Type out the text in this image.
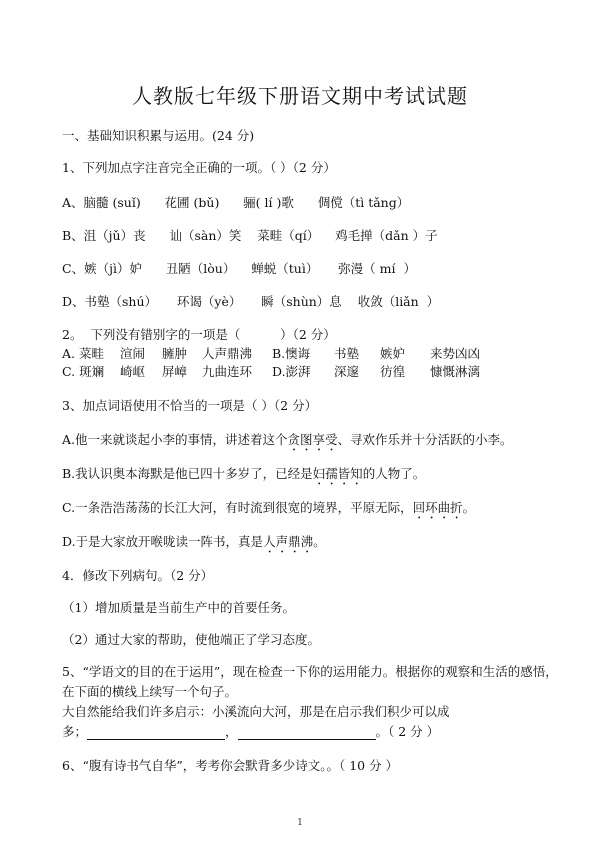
人教版七年级下册语文期中考试试题
一、基础知识积累与运用。(24 分)
1、下列加点字注音完全正确的一项。（ ）（2 分）
A、脑髓 (suǐ)      花圃 (bǔ)      骊( lí )歌      倜傥（tì tǎng）
B、沮（jǔ）丧      讪（sàn）笑    菜畦（qí）    鸡毛掸（dǎn ）子
C、嫉（jì）妒      丑陋（lòu）    蝉蜕（tuì）     弥漫（ mí  ）
D、书塾（shú）     环谒（yè）     瞬（shùn）息    收敛（liǎn  ）
2。  下列没有错别字的一项是（          ）（2 分）
A. 菜畦 渲闹 臃肿 人声鼎沸 B.懊诲 书塾 嫉妒 来势凶凶
C. 斑斓 崎岖 屏嶂 九曲连环 D.澎湃 深邃 彷徨 慷慨淋漓
3、加点词语使用不恰当的一项是（ ）（2 分）
A.他一来就谈起小李的事情，讲述着这个贪图享受、寻欢作乐并十分活跃的小李。
B.我认识奥本海默是他已四十多岁了，已经是妇孺皆知的人物了。
C.一条浩浩荡荡的长江大河，有时流到很宽的境界，平原无际，回环曲折。
D.于是大家放开喉咙读一阵书，真是人声鼎沸。
4．修改下列病句。（2 分）
（1）增加质量是当前生产中的首要任务。
（2）通过大家的帮助，使他端正了学习态度。
5、“学语文的目的在于运用”，现在检查一下你的运用能力。根据你的观察和生活的感悟，
在下面的横线上续写一个句子。
大自然能给我们许多启示：小溪流向大河，那是在启示我们积少可以成
多；	，	。（ 2 分 ）
6、“腹有诗书气自华”，考考你会默背多少诗文。。（ 10 分 ）
1
